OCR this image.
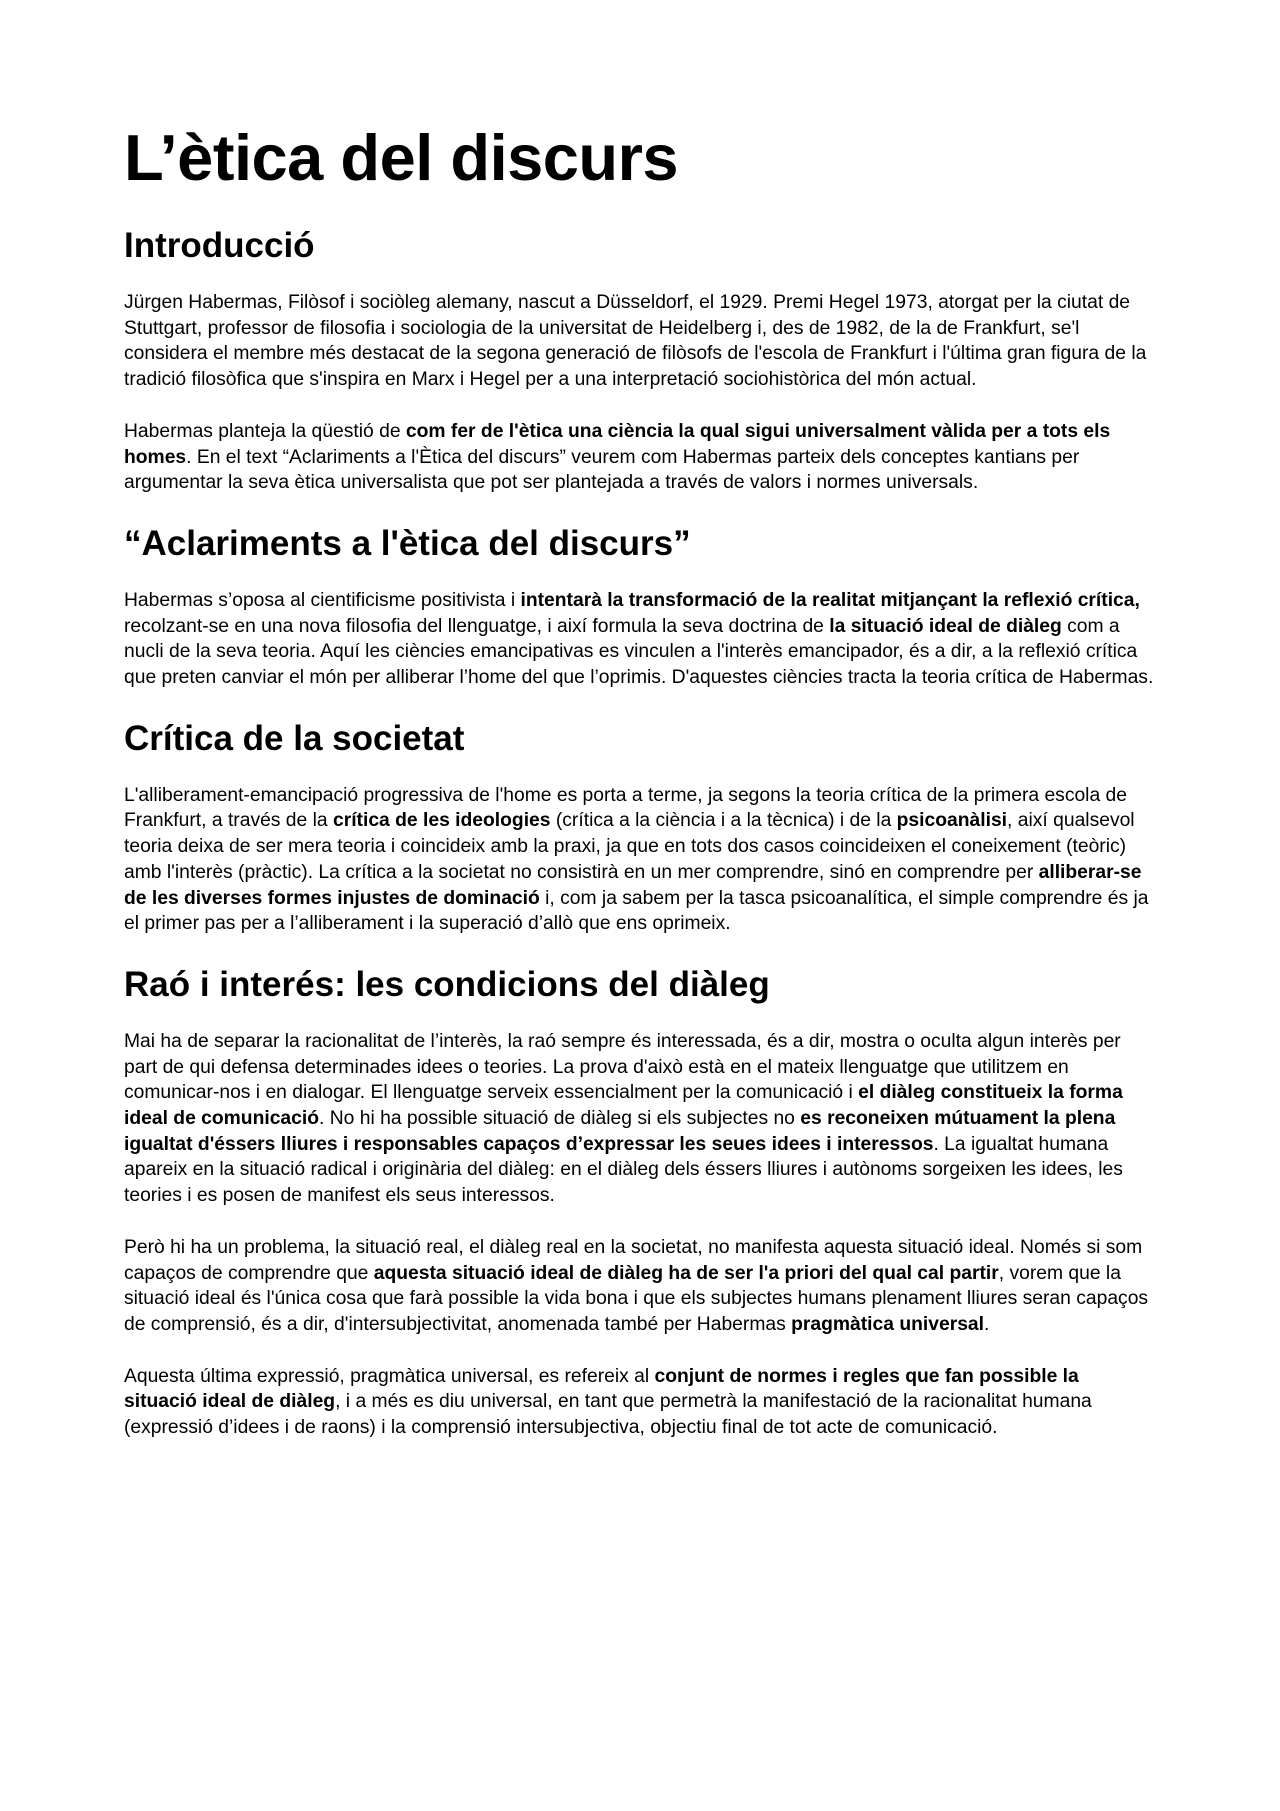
L’ètica del discurs
Introducció

Jürgen Habermas, Filòsof i sociòleg alemany, nascut a Düsseldorf, el 1929. Premi Hegel 1973, atorgat per la ciutat de Stuttgart, professor de filosofia i sociologia de la universitat de Heidelberg i, des de 1982, de la de Frankfurt, se'l considera el membre més destacat de la segona generació de filòsofs de l'escola de Frankfurt i l'última gran figura de la tradició filosòfica que s'inspira en Marx i Hegel per a una interpretació sociohistòrica del món actual.

Habermas planteja la qüestió de com fer de l'ètica una ciència la qual sigui universalment vàlida per a tots els homes. En el text “Aclariments a l'Ètica del discurs” veurem com Habermas parteix dels conceptes kantians per argumentar la seva ètica universalista que pot ser plantejada a través de valors i normes universals.

“Aclariments a l'ètica del discurs”

Habermas s’oposa al cientificisme positivista i intentarà la transformació de la realitat mitjançant la reflexió crítica, recolzant-se en una nova filosofia del llenguatge, i així formula la seva doctrina de la situació ideal de diàleg com a nucli de la seva teoria. Aquí les ciències emancipativas es vinculen a l'interès emancipador, és a dir, a la reflexió crítica que preten canviar el món per alliberar l’home del que l’oprimis. D'aquestes ciències tracta la teoria crítica de Habermas.

Crítica de la societat

L'alliberament-emancipació progressiva de l'home es porta a terme, ja segons la teoria crítica de la primera escola de Frankfurt, a través de la crítica de les ideologies (crítica a la ciència i a la tècnica) i de la psicoanàlisi, així qualsevol teoria deixa de ser mera teoria i coincideix amb la praxi, ja que en tots dos casos coincideixen el coneixement (teòric) amb l'interès (pràctic). La crítica a la societat no consistirà en un mer comprendre, sinó en comprendre per alliberar-se de les diverses formes injustes de dominació i, com ja sabem per la tasca psicoanalítica, el simple comprendre és ja el primer pas per a l’alliberament i la superació d’allò que ens oprimeix.

Raó i interés: les condicions del diàleg

Mai ha de separar la racionalitat de l’interès, la raó sempre és interessada, és a dir, mostra o oculta algun interès per part de qui defensa determinades idees o teories. La prova d'això està en el mateix llenguatge que utilitzem en comunicar-nos i en dialogar. El llenguatge serveix essencialment per la comunicació i el diàleg constitueix la forma ideal de comunicació. No hi ha possible situació de diàleg si els subjectes no es reconeixen mútuament la plena igualtat d'éssers lliures i responsables capaços d’expressar les seues idees i interessos. La igualtat humana apareix en la situació radical i originària del diàleg: en el diàleg dels éssers lliures i autònoms sorgeixen les idees, les teories i es posen de manifest els seus interessos.

Però hi ha un problema, la situació real, el diàleg real en la societat, no manifesta aquesta situació ideal. Només si som capaços de comprendre que aquesta situació ideal de diàleg ha de ser l'a priori del qual cal partir, vorem que la situació ideal és l'única cosa que farà possible la vida bona i que els subjectes humans plenament lliures seran capaços de comprensió, és a dir, d'intersubjectivitat, anomenada també per Habermas pragmàtica universal.

Aquesta última expressió, pragmàtica universal, es refereix al conjunt de normes i regles que fan possible la situació ideal de diàleg, i a més es diu universal, en tant que permetrà la manifestació de la racionalitat humana (expressió d’idees i de raons) i la comprensió intersubjectiva, objectiu final de tot acte de comunicació.
